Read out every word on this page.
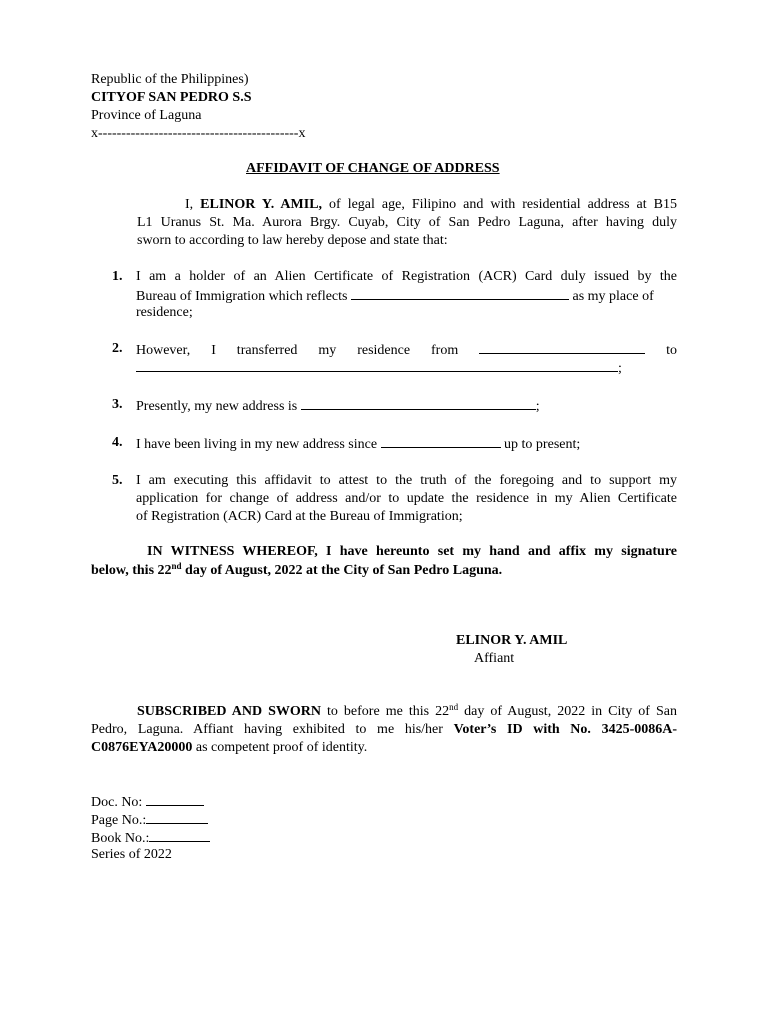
Republic of the Philippines)
CITYOF SAN PEDRO S.S
Province of Laguna
x-------------------------------------------x
AFFIDAVIT OF CHANGE OF ADDRESS
I, ELINOR Y. AMIL, of legal age, Filipino and with residential address at B15
L1 Uranus St. Ma. Aurora Brgy. Cuyab, City of San Pedro Laguna, after having duly
sworn to according to law hereby depose and state that:
1. I am a holder of an Alien Certificate of Registration (ACR) Card duly issued by the
Bureau of Immigration which reflects	as my place of
residence;
2. However, I transferred my residence from	to
;
3. Presently, my new address is	;
4. I have been living in my new address since	up to present;
5. I am executing this affidavit to attest to the truth of the foregoing and to support my
application for change of address and/or to update the residence in my Alien Certificate
of Registration (ACR) Card at the Bureau of Immigration;
IN WITNESS WHEREOF, I have hereunto set my hand and affix my signature
below, this 22nd day of August, 2022 at the City of San Pedro Laguna.
ELINOR Y. AMIL
Affiant
SUBSCRIBED AND SWORN to before me this 22nd day of August, 2022 in City of San
Pedro, Laguna. Affiant having exhibited to me his/her Voter’s ID with No. 3425-0086A-
C0876EYA20000 as competent proof of identity.
Doc. No:
Page No.:
Book No.:
Series of 2022
